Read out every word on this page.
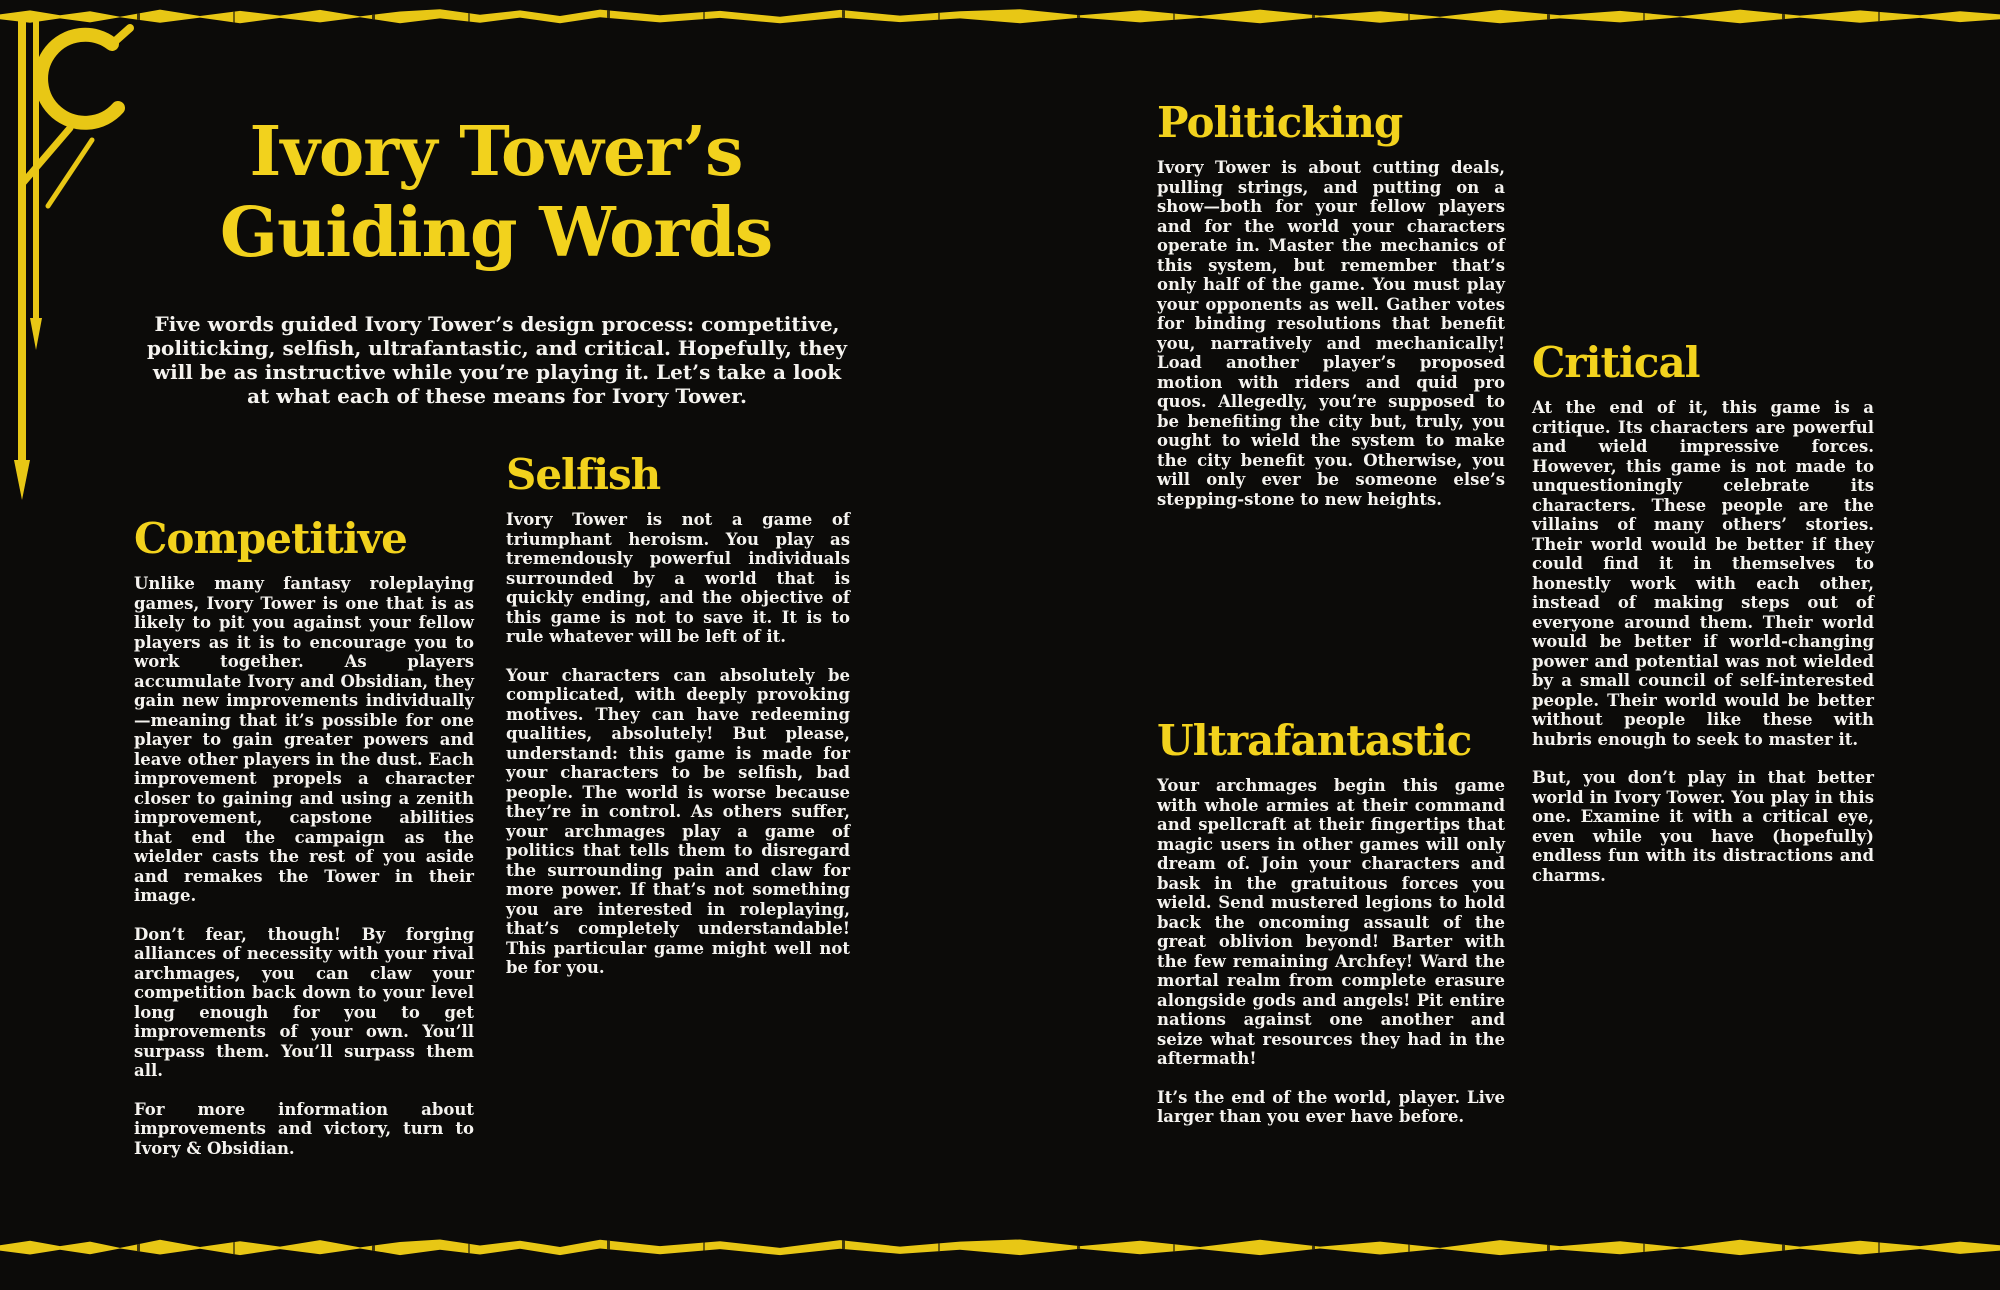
Ivory Tower’s
Guiding Words

Five words guided Ivory Tower’s design process: competitive, politicking, selfish, ultrafantastic, and critical. Hopefully, they will be as instructive while you’re playing it. Let’s take a look at what each of these means for Ivory Tower.

Competitive

Unlike many fantasy roleplaying games, Ivory Tower is one that is as likely to pit you against your fellow players as it is to encourage you to work together. As players accumulate Ivory and Obsidian, they gain new improvements individually—meaning that it’s possible for one player to gain greater powers and leave other players in the dust. Each improvement propels a character closer to gaining and using a zenith improvement, capstone abilities that end the campaign as the wielder casts the rest of you aside and remakes the Tower in their image.

Don’t fear, though! By forging alliances of necessity with your rival archmages, you can claw your competition back down to your level long enough for you to get improvements of your own. You’ll surpass them. You’ll surpass them all.

For more information about improvements and victory, turn to Ivory & Obsidian.

Selfish

Ivory Tower is not a game of triumphant heroism. You play as tremendously powerful individuals surrounded by a world that is quickly ending, and the objective of this game is not to save it. It is to rule whatever will be left of it.

Your characters can absolutely be complicated, with deeply provoking motives. They can have redeeming qualities, absolutely! But please, understand: this game is made for your characters to be selfish, bad people. The world is worse because they’re in control. As others suffer, your archmages play a game of politics that tells them to disregard the surrounding pain and claw for more power. If that’s not something you are interested in roleplaying, that’s completely understandable! This particular game might well not be for you.

Politicking

Ivory Tower is about cutting deals, pulling strings, and putting on a show—both for your fellow players and for the world your characters operate in. Master the mechanics of this system, but remember that’s only half of the game. You must play your opponents as well. Gather votes for binding resolutions that benefit you, narratively and mechanically! Load another player’s proposed motion with riders and quid pro quos. Allegedly, you’re supposed to be benefiting the city but, truly, you ought to wield the system to make the city benefit you. Otherwise, you will only ever be someone else’s stepping-stone to new heights.

Ultrafantastic

Your archmages begin this game with whole armies at their command and spellcraft at their fingertips that magic users in other games will only dream of. Join your characters and bask in the gratuitous forces you wield. Send mustered legions to hold back the oncoming assault of the great oblivion beyond! Barter with the few remaining Archfey! Ward the mortal realm from complete erasure alongside gods and angels! Pit entire nations against one another and seize what resources they had in the aftermath!

It’s the end of the world, player. Live larger than you ever have before.

Critical

At the end of it, this game is a critique. Its characters are powerful and wield impressive forces. However, this game is not made to unquestioningly celebrate its characters. These people are the villains of many others’ stories. Their world would be better if they could find it in themselves to honestly work with each other, instead of making steps out of everyone around them. Their world would be better if world-changing power and potential was not wielded by a small council of self-interested people. Their world would be better without people like these with hubris enough to seek to master it.

But, you don’t play in that better world in Ivory Tower. You play in this one. Examine it with a critical eye, even while you have (hopefully) endless fun with its distractions and charms.
